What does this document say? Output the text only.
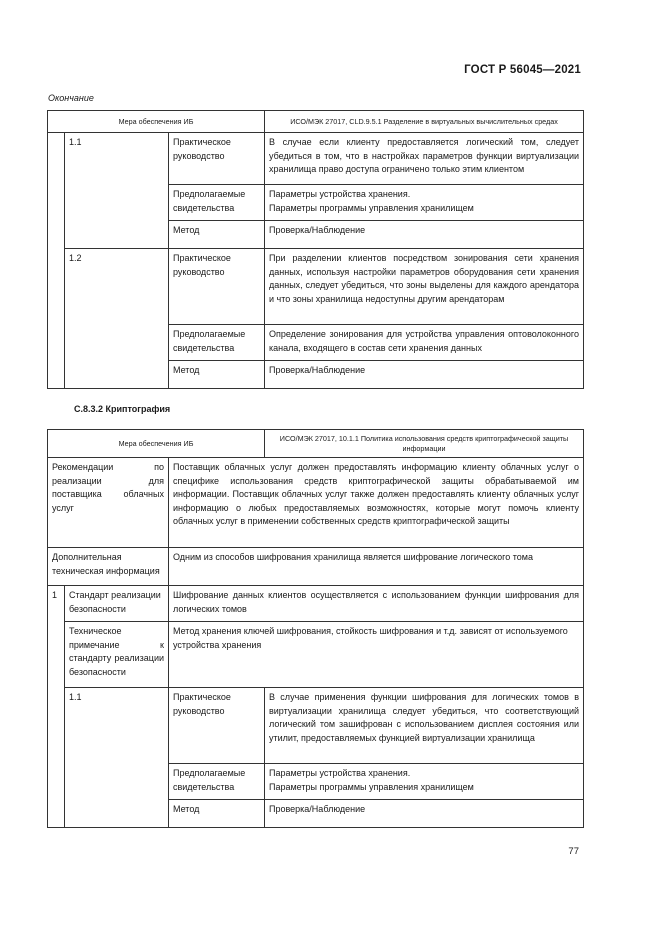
ГОСТ Р 56045—2021
Окончание
Мера обеспечения ИБ			ИСО/МЭК 27017, CLD.9.5.1 Разделение в виртуальных вычислительных средах
	1.1	Практическое руководство	В случае если клиенту предоставляется логический том, следует убедиться в том, что в настройках параметров функции виртуализации хранилища право доступа ограничено только этим клиентом
		Предполагаемые свидетельства	Параметры устройства хранения.
Параметры программы управления хранилищем
		Метод	Проверка/Наблюдение
	1.2	Практическое руководство	При разделении клиентов посредством зонирования сети хранения данных, используя настройки параметров оборудования сети хранения данных, следует убедиться, что зоны выделены для каждого арендатора и что зоны хранилища недоступны другим арендаторам
		Предполагаемые свидетельства	Определение зонирования для устройства управления оптоволоконного канала, входящего в состав сети хранения данных
		Метод	Проверка/Наблюдение
С.8.3.2 Криптография
Мера обеспечения ИБ			ИСО/МЭК 27017, 10.1.1 Политика использования средств криптографической защиты информации
Рекомендации по реализации для поставщика облачных услуг		Поставщик облачных услуг должен предоставлять информацию клиенту облачных услуг о специфике использования средств криптографической защиты обрабатываемой им информации. Поставщик облачных услуг также должен предоставлять клиенту облачных услуг информацию о любых предоставляемых возможностях, которые могут помочь клиенту облачных услуг в применении собственных средств криптографической защиты	
Дополнительная техническая информация		Одним из способов шифрования хранилища является шифрование логического тома	
1	Стандарт реализации безопасности	Шифрование данных клиентов осуществляется с использованием функции шифрования для логических томов	
	Техническое примечание к стандарту реализации безопасности	Метод хранения ключей шифрования, стойкость шифрования и т.д. зависят от используемого устройства хранения	
	1.1	Практическое руководство	В случае применения функции шифрования для логических томов в виртуализации хранилища следует убедиться, что соответствующий логический том зашифрован с использованием дисплея состояния или утилит, предоставляемых функцией виртуализации хранилища
		Предполагаемые свидетельства	Параметры устройства хранения.
Параметры программы управления хранилищем
		Метод	Проверка/Наблюдение
77
